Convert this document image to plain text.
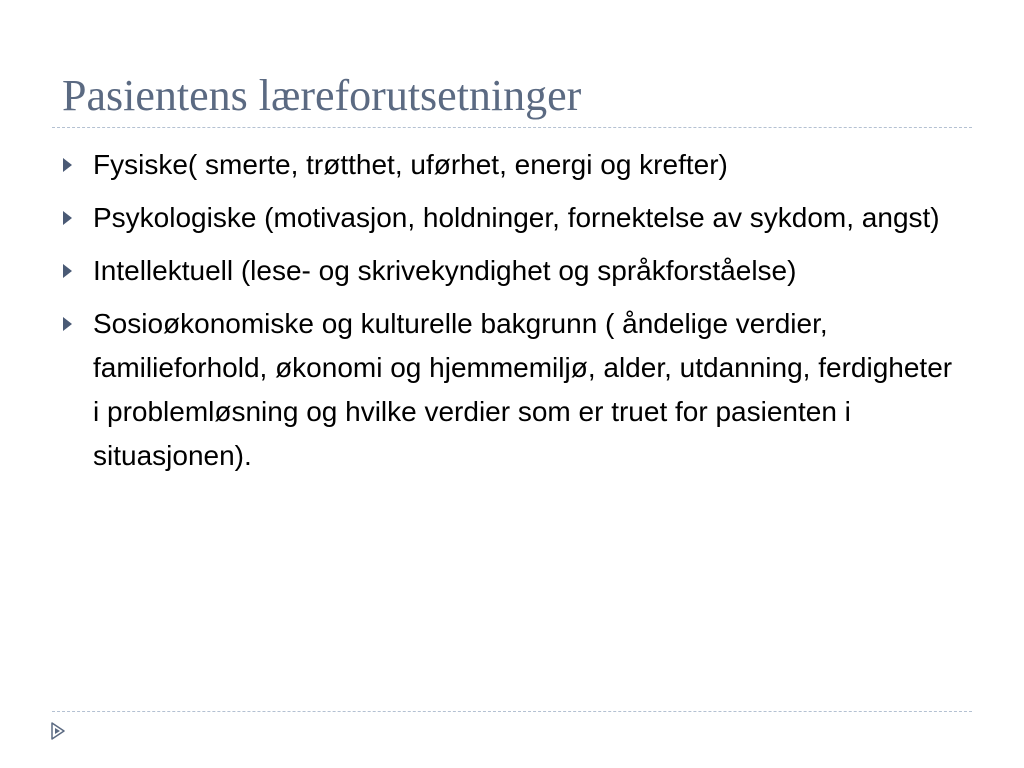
Pasientens læreforutsetninger
Fysiske( smerte, trøtthet, uførhet, energi og krefter)
Psykologiske (motivasjon, holdninger, fornektelse av sykdom, angst)
Intellektuell (lese- og skrivekyndighet og språkforståelse)
Sosioøkonomiske og kulturelle bakgrunn ( åndelige verdier, familieforhold, økonomi og hjemmemiljø, alder, utdanning, ferdigheter i problemløsning og hvilke verdier som er truet for pasienten i situasjonen).
